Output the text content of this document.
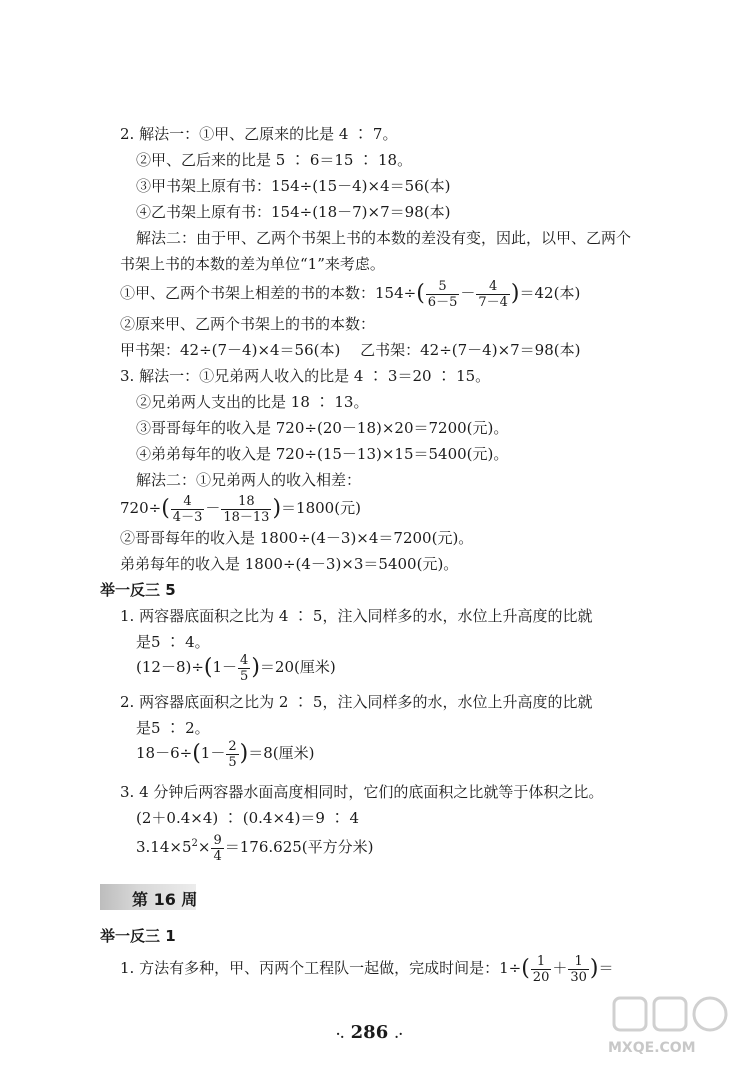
2. 解法一：①甲、乙原来的比是 4 ∶ 7。
②甲、乙后来的比是 5 ∶ 6＝15 ∶ 18。
③甲书架上原有书：154÷(15－4)×4＝56(本)
④乙书架上原有书：154÷(18－7)×7＝98(本)
解法二：由于甲、乙两个书架上书的本数的差没有变，因此，以甲、乙两个
书架上书的本数的差为单位“1”来考虑。
①甲、乙两个书架上相差的书的本数：$154\div( \frac{5}{6-5} - \frac{4}{7-4} )=42$(本)
②原来甲、乙两个书架上的书的本数：
甲书架：42÷(7－4)×4＝56(本)　 乙书架：42÷(7－4)×7＝98(本)
3. 解法一：①兄弟两人收入的比是 4 ∶ 3＝20 ∶ 15。
②兄弟两人支出的比是 18 ∶ 13。
③哥哥每年的收入是 720÷(20－18)×20＝7200(元)。
④弟弟每年的收入是 720÷(15－13)×15＝5400(元)。
解法二：①兄弟两人的收入相差：
$720\div( \frac{4}{4-3} - \frac{18}{18-13} )=1800$(元)
②哥哥每年的收入是 1800÷(4－3)×4＝7200(元)。
弟弟每年的收入是 1800÷(4－3)×3＝5400(元)。
举一反三 5
1. 两容器底面积之比为 4 ∶ 5，注入同样多的水，水位上升高度的比就
是5 ∶ 4。
$(12-8)\div(1- \frac{4}{5} )=20$(厘米)
2. 两容器底面积之比为 2 ∶ 5，注入同样多的水，水位上升高度的比就
是5 ∶ 2。
$18-6\div(1- \frac{2}{5} )=8$(厘米)
3. 4 分钟后两容器水面高度相同时，它们的底面积之比就等于体积之比。
(2＋0.4×4) ∶ (0.4×4)＝9 ∶ 4
$3.14\times 5^2\times \frac{9}{4} =176.625$(平方分米)
第 16 周
举一反三 1
1. 方法有多种，甲、丙两个工程队一起做，完成时间是：$1\div( \frac{1}{20} + \frac{1}{30}$ )＝
·. 286 .·
MXQE.COM
